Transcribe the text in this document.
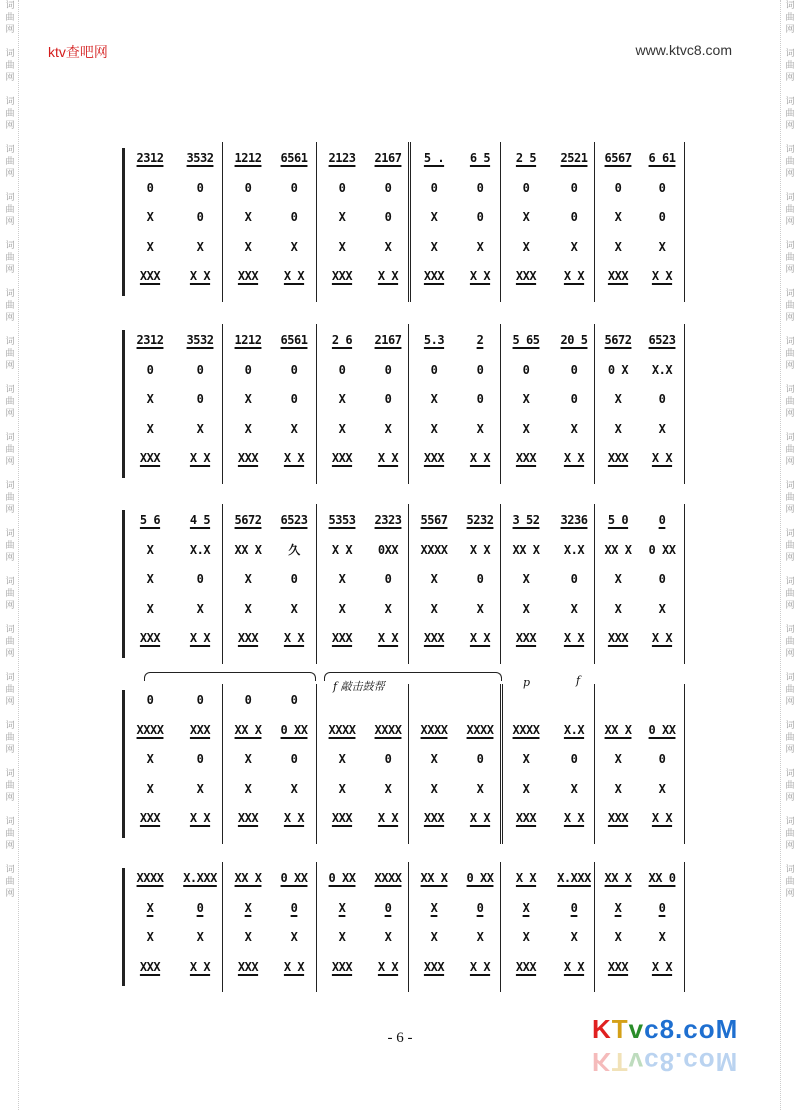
词
曲
网

词
曲
网

词
曲
网

词
曲
网

词
曲
网

词
曲
网

词
曲
网

词
曲
网

词
曲
网

词
曲
网

词
曲
网

词
曲
网

词
曲
网

词
曲
网

词
曲
网

词
曲
网

词
曲
网

词
曲
网

词
曲
网
词
曲
网

词
曲
网

词
曲
网

词
曲
网

词
曲
网

词
曲
网

词
曲
网

词
曲
网

词
曲
网

词
曲
网

词
曲
网

词
曲
网

词
曲
网

词
曲
网

词
曲
网

词
曲
网

词
曲
网

词
曲
网

词
曲
网
ktv查吧网	www.ktvc8.com
2312	3532	1212	6561	2123	2167	5 .	6 5	2 5	2521	6567	6 61
0	0	0	0	0	0	0	0	0	0	0	0
X	0	X	0	X	0	X	0	X	0	X	0
X	X	X	X	X	X	X	X	X	X	X	X
XXX	X X	XXX	X X	XXX	X X	XXX	X X	XXX	X X	XXX	X X
2312	3532	1212	6561	2 6	2167	5.3	2	5 65	20 5	5672	6523
0	0	0	0	0	0	0	0	0	0	0 X	X.X
X	0	X	0	X	0	X	0	X	0	X	0
X	X	X	X	X	X	X	X	X	X	X	X
XXX	X X	XXX	X X	XXX	X X	XXX	X X	XXX	X X	XXX	X X
5 6	4 5	5672	6523	5353	2323	5567	5232	3 52	3236	5 0	0
X	X.X	XX X	久	X X	0XX	XXXX	X X	XX X	X.X	XX X	0 XX
X	0	X	0	X	0	X	0	X	0	X	0
X	X	X	X	X	X	X	X	X	X	X	X
XXX	X X	XXX	X X	XXX	X X	XXX	X X	XXX	X X	XXX	X X
0	0	0	0
XXXX	XXX	XX X	0 XX	XXXX	XXXX	XXXX	XXXX	XXXX	X.X	XX X	0 XX
X	0	X	0	X	0	X	0	X	0	X	0
X	X	X	X	X	X	X	X	X	X	X	X
XXX	X X	XXX	X X	XXX	X X	XXX	X X	XXX	X X	XXX	X X
f 敲击鼓帮	p	f
XXXX	X.XXX	XX X	0 XX	0 XX	XXXX	XX X	0 XX	X X	X.XXX	XX X	XX 0
X	0	X	0	X	0	X	0	X	0	X	0
X	X	X	X	X	X	X	X	X	X	X	X
XXX	X X	XXX	X X	XXX	X X	XXX	X X	XXX	X X	XXX	X X
- 6 -	KTvc8.coM
KTvc8.coM
